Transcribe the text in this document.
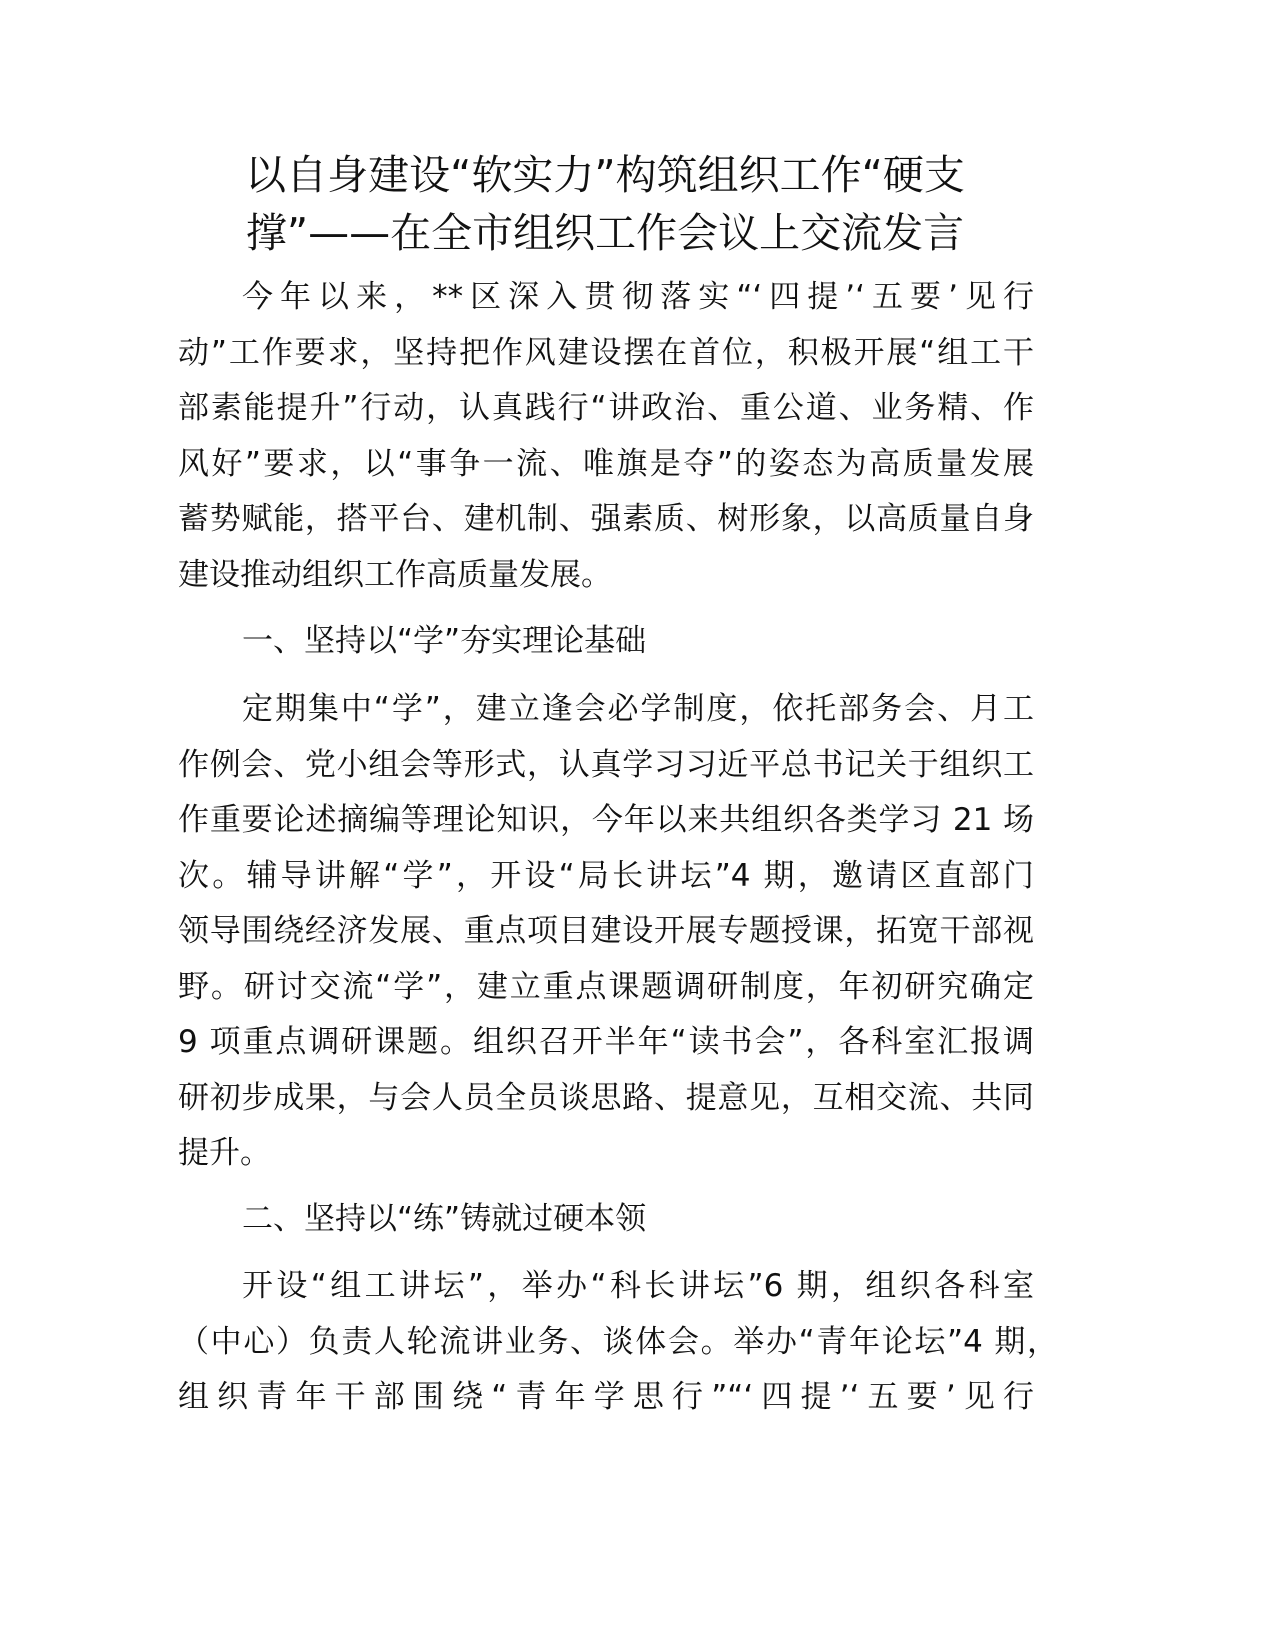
以自身建设“软实力”构筑组织工作“硬支
撑”——在全市组织工作会议上交流发言
今年以来，**区深入贯彻落实“‘四提’‘五要’见行
动”工作要求，坚持把作风建设摆在首位，积极开展“组工干
部素能提升”行动，认真践行“讲政治、重公道、业务精、作
风好”要求，以“事争一流、唯旗是夺”的姿态为高质量发展
蓄势赋能，搭平台、建机制、强素质、树形象，以高质量自身
建设推动组织工作高质量发展。
一、坚持以“学”夯实理论基础
定期集中“学”，建立逢会必学制度，依托部务会、月工
作例会、党小组会等形式，认真学习习近平总书记关于组织工
作重要论述摘编等理论知识，今年以来共组织各类学习 21 场
次。辅导讲解“学”，开设“局长讲坛”4 期，邀请区直部门
领导围绕经济发展、重点项目建设开展专题授课，拓宽干部视
野。研讨交流“学”，建立重点课题调研制度，年初研究确定
9 项重点调研课题。组织召开半年“读书会”，各科室汇报调
研初步成果，与会人员全员谈思路、提意见，互相交流、共同
提升。
二、坚持以“练”铸就过硬本领
开设“组工讲坛”，举办“科长讲坛”6 期，组织各科室
（中心）负责人轮流讲业务、谈体会。举办“青年论坛”4 期，
组织青年干部围绕“青年学思行”“‘四提’‘五要’见行
